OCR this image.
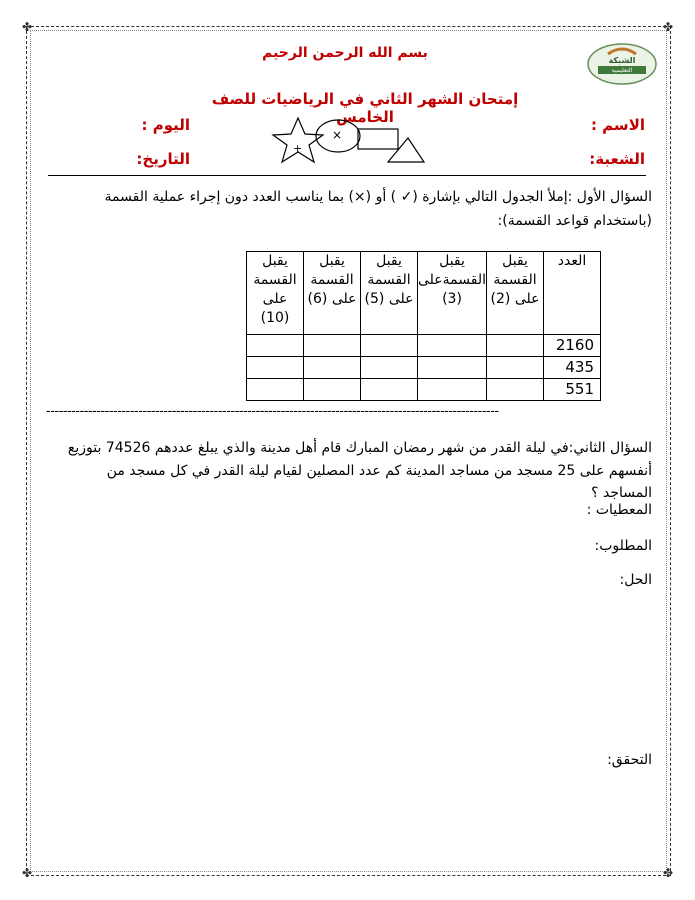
✤	✤
✤	✤
الشبكة
التعليمية
بسم الله الرحمن الرحيم
إمتحان الشهر الثاني في الرياضيات للصف الخامس	الاسم :
اليوم :
الشعبة:
التاريخ:
+
×
السؤال الأول :إملأ الجدول التالي بإشارة (✓ ) أو (×) بما يناسب العدد دون إجراء عملية القسمة
(باستخدام قواعد القسمة):
العدد	يقبل القسمة على (2)	يقبل القسمةعلى (3)	يقبل القسمة على (5)	يقبل القسمة على (6)	يقبل القسمة على (10)
2160					
435					
551					
------------------------------------------------------------------------------------------------------------
السؤال الثاني:في ليلة القدر من شهر رمضان المبارك قام أهل مدينة والذي يبلغ عددهم 74526 بتوزيع
أنفسهم على 25 مسجد من مساجد المدينة كم عدد المصلين لقيام ليلة القدر في كل مسجد من المساجد ؟
المعطيات :
المطلوب:
الحل:
التحقق:
